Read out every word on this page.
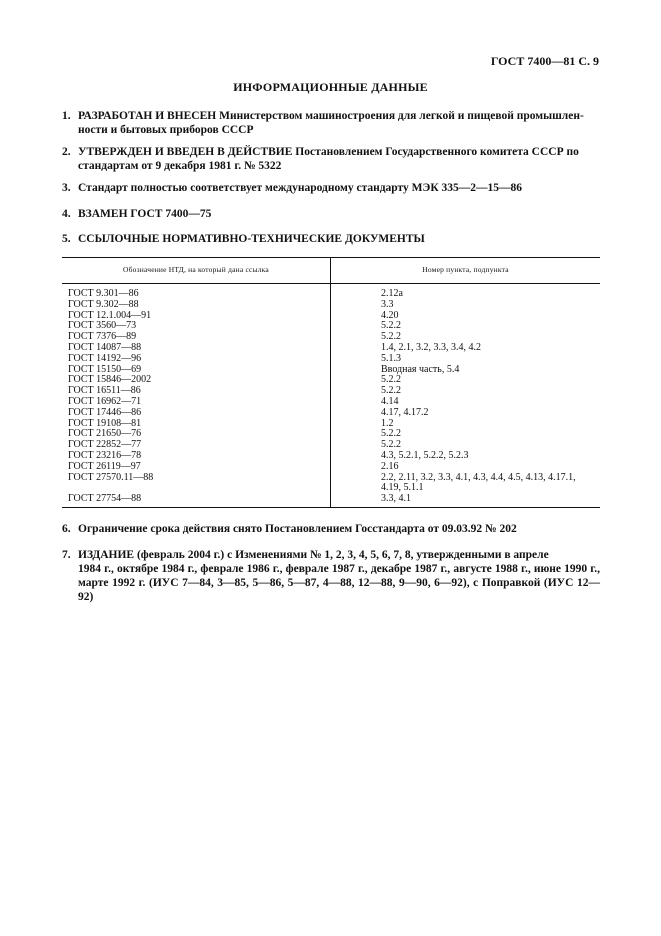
ГОСТ 7400—81 С. 9
ИНФОРМАЦИОННЫЕ ДАННЫЕ
1. РАЗРАБОТАН И ВНЕСЕН Министерством машиностроения для легкой и пищевой промышлен-
ности и бытовых приборов СССР
2. УТВЕРЖДЕН И ВВЕДЕН В ДЕЙСТВИЕ Постановлением Государственного комитета СССР по
стандартам от 9 декабря 1981 г. № 5322
3. Стандарт полностью соответствует международному стандарту МЭК 335—2—15—86
4. ВЗАМЕН ГОСТ 7400—75
5. ССЫЛОЧНЫЕ НОРМАТИВНО-ТЕХНИЧЕСКИЕ ДОКУМЕНТЫ
Обозначение НТД, на который дана ссылка	Номер пункта, подпункта
ГОСТ 9.301—86	2.12а
ГОСТ 9.302—88	3.3
ГОСТ 12.1.004—91	4.20
ГОСТ 3560—73	5.2.2
ГОСТ 7376—89	5.2.2
ГОСТ 14087—88	1.4, 2.1, 3.2, 3.3, 3.4, 4.2
ГОСТ 14192—96	5.1.3
ГОСТ 15150—69	Вводная часть, 5.4
ГОСТ 15846—2002	5.2.2
ГОСТ 16511—86	5.2.2
ГОСТ 16962—71	4.14
ГОСТ 17446—86	4.17, 4.17.2
ГОСТ 19108—81	1.2
ГОСТ 21650—76	5.2.2
ГОСТ 22852—77	5.2.2
ГОСТ 23216—78	4.3, 5.2.1, 5.2.2, 5.2.3
ГОСТ 26119—97	2.16
ГОСТ 27570.11—88	2.2, 2.11, 3.2, 3.3, 4.1, 4.3, 4.4, 4.5, 4.13, 4.17.1, 4.19, 5.1.1
ГОСТ 27754—88	3.3, 4.1
6. Ограничение срока действия снято Постановлением Госстандарта от 09.03.92 № 202
7. ИЗДАНИЕ (февраль 2004 г.) с Изменениями № 1, 2, 3, 4, 5, 6, 7, 8, утвержденными в апреле
1984 г., октябре 1984 г., феврале 1986 г., феврале 1987 г., декабре 1987 г., августе 1988 г., июне 1990 г., марте 1992 г. (ИУС 7—84, 3—85, 5—86, 5—87, 4—88, 12—88, 9—90, 6—92), с Поправкой (ИУС 12—92)
